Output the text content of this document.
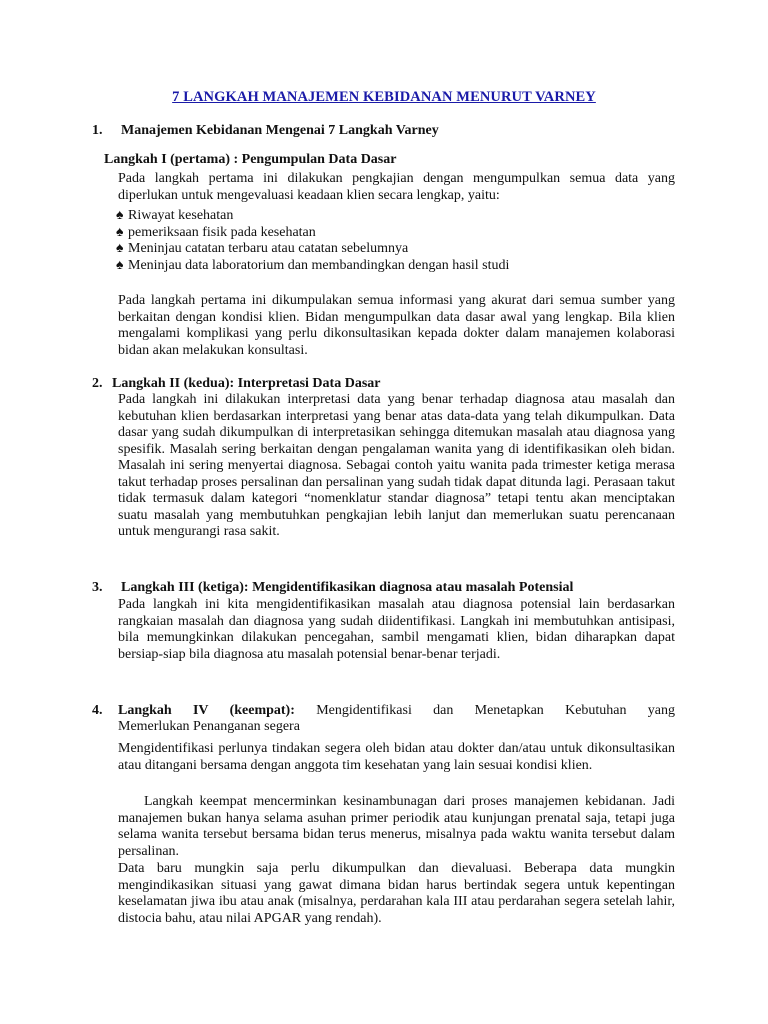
7 LANGKAH MANAJEMEN KEBIDANAN MENURUT VARNEY
1. Manajemen Kebidanan Mengenai 7 Langkah Varney
Langkah I (pertama) : Pengumpulan Data Dasar

Pada langkah pertama ini dilakukan pengkajian dengan mengumpulkan semua data yang diperlukan untuk mengevaluasi keadaan klien secara lengkap, yaitu:

♠ Riwayat kesehatan
♠ pemeriksaan fisik pada kesehatan
♠ Meninjau catatan terbaru atau catatan sebelumnya
♠ Meninjau data laboratorium dan membandingkan dengan hasil studi

Pada langkah pertama ini dikumpulakan semua informasi yang akurat dari semua sumber yang berkaitan dengan kondisi klien. Bidan mengumpulkan data dasar awal yang lengkap. Bila klien mengalami komplikasi yang perlu dikonsultasikan kepada dokter dalam manajemen kolaborasi bidan akan melakukan konsultasi.

2. Langkah II (kedua): Interpretasi Data Dasar

Pada langkah ini dilakukan interpretasi data yang benar terhadap diagnosa atau masalah dan kebutuhan klien berdasarkan interpretasi yang benar atas data-data yang telah dikumpulkan. Data dasar yang sudah dikumpulkan di interpretasikan sehingga ditemukan masalah atau diagnosa yang spesifik. Masalah sering berkaitan dengan pengalaman wanita yang di identifikasikan oleh bidan. Masalah ini sering menyertai diagnosa. Sebagai contoh yaitu wanita pada trimester ketiga merasa takut terhadap proses persalinan dan persalinan yang sudah tidak dapat ditunda lagi. Perasaan takut tidak termasuk dalam kategori “nomenklatur standar diagnosa” tetapi tentu akan menciptakan suatu masalah yang membutuhkan pengkajian lebih lanjut dan memerlukan suatu perencanaan untuk mengurangi rasa sakit.

3. Langkah III (ketiga): Mengidentifikasikan diagnosa atau masalah Potensial

Pada langkah ini kita mengidentifikasikan masalah atau diagnosa potensial lain berdasarkan rangkaian masalah dan diagnosa yang sudah diidentifikasi. Langkah ini membutuhkan antisipasi, bila memungkinkan dilakukan pencegahan, sambil mengamati klien, bidan diharapkan dapat bersiap-siap bila diagnosa atu masalah potensial benar-benar terjadi.

4. Langkah IV (keempat): Mengidentifikasi dan Menetapkan Kebutuhan yang
Memerlukan Penanganan segera

Mengidentifikasi perlunya tindakan segera oleh bidan atau dokter dan/atau untuk dikonsultasikan atau ditangani bersama dengan anggota tim kesehatan yang lain sesuai kondisi klien.

Langkah keempat mencerminkan kesinambunagan dari proses manajemen kebidanan. Jadi manajemen bukan hanya selama asuhan primer periodik atau kunjungan prenatal saja, tetapi juga selama wanita tersebut bersama bidan terus menerus, misalnya pada waktu wanita tersebut dalam persalinan.

Data baru mungkin saja perlu dikumpulkan dan dievaluasi. Beberapa data mungkin mengindikasikan situasi yang gawat dimana bidan harus bertindak segera untuk kepentingan keselamatan jiwa ibu atau anak (misalnya, perdarahan kala III atau perdarahan segera setelah lahir, distocia bahu, atau nilai APGAR yang rendah).
